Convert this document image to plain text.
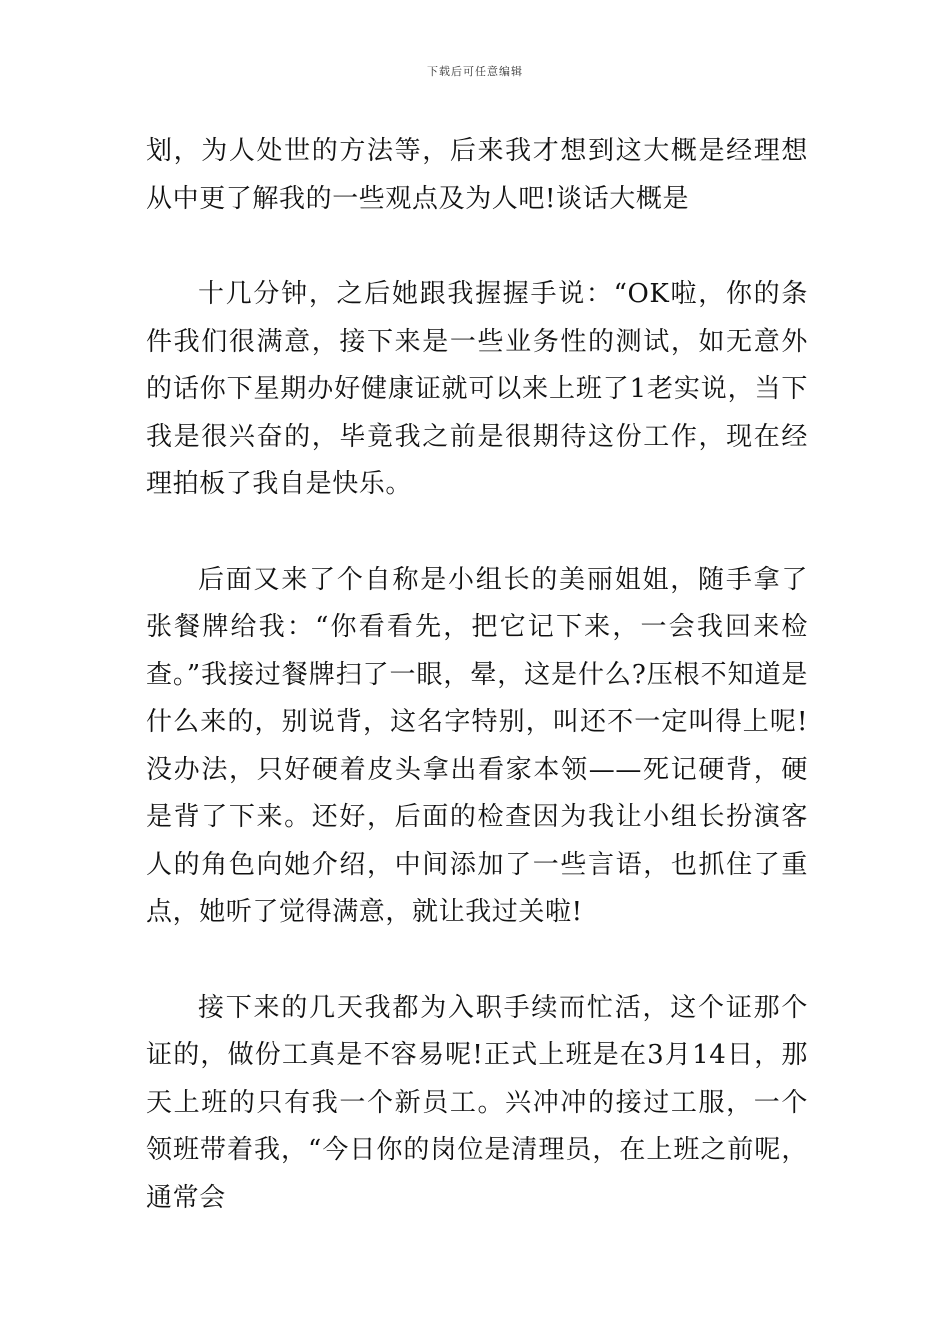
下载后可任意编辑

划，为人处世的方法等，后来我才想到这大概是经理想从中更了解我的一些观点及为人吧!谈话大概是

十几分钟，之后她跟我握握手说：“OK啦，你的条件我们很满意，接下来是一些业务性的测试，如无意外的话你下星期办好健康证就可以来上班了1老实说，当下我是很兴奋的，毕竟我之前是很期待这份工作，现在经理拍板了我自是快乐。

后面又来了个自称是小组长的美丽姐姐，随手拿了张餐牌给我：“你看看先，把它记下来，一会我回来检查。”我接过餐牌扫了一眼，晕，这是什么?压根不知道是什么来的，别说背，这名字特别，叫还不一定叫得上呢!没办法，只好硬着皮头拿出看家本领——死记硬背，硬是背了下来。还好，后面的检查因为我让小组长扮演客人的角色向她介绍，中间添加了一些言语，也抓住了重点，她听了觉得满意，就让我过关啦!

接下来的几天我都为入职手续而忙活，这个证那个证的，做份工真是不容易呢!正式上班是在3月14日，那天上班的只有我一个新员工。兴冲冲的接过工服，一个领班带着我，“今日你的岗位是清理员，在上班之前呢，通常会
